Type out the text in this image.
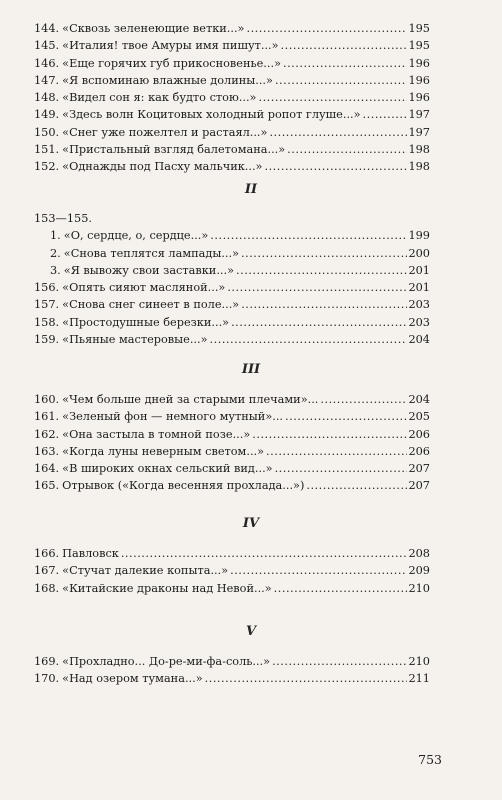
144. «Сквозь зеленеющие ветки...» .....	195
145. «Италия! твое Амуры имя пишут...» .....	195
146. «Еще горячих губ прикосновенье...» .....	196
147. «Я вспоминаю влажные долины...» .....	196
148. «Видел сон я: как будто стою...» .....	196
149. «Здесь волн Коцитовых холодный ропот глуше...» .....	197
150. «Снег уже пожелтел и растаял...» .....	197
151. «Пристальный взгляд балетомана...» .....	198
152. «Однажды под Пасху мальчик...» .....	198
II
153—155.
1. «О, сердце, о, сердце...» .....	199
2. «Снова теплятся лампады...» .....	200
3. «Я вывожу свои заставки...» .....	201
156. «Опять сияют масляной...» .....	201
157. «Снова снег синеет в поле...» .....	203
158. «Простодушные березки...» .....	203
159. «Пьяные мастеровые...» .....	204
III
160. «Чем больше дней за старыми плечами»... .....	204
161. «Зеленый фон — немного мутный»... .....	205
162. «Она застыла в томной позе...» .....	206
163. «Когда луны неверным светом...» .....	206
164. «В широких окнах сельский вид...» .....	207
165. Отрывок («Когда весенняя прохлада...») .....	207
IV
166. Павловск .....	208
167. «Стучат далекие копыта...» .....	209
168. «Китайские драконы над Невой...» .....	210
V
169. «Прохладно... До-ре-ми-фа-соль...» .....	210
170. «Над озером тумана...» .....	211
753
